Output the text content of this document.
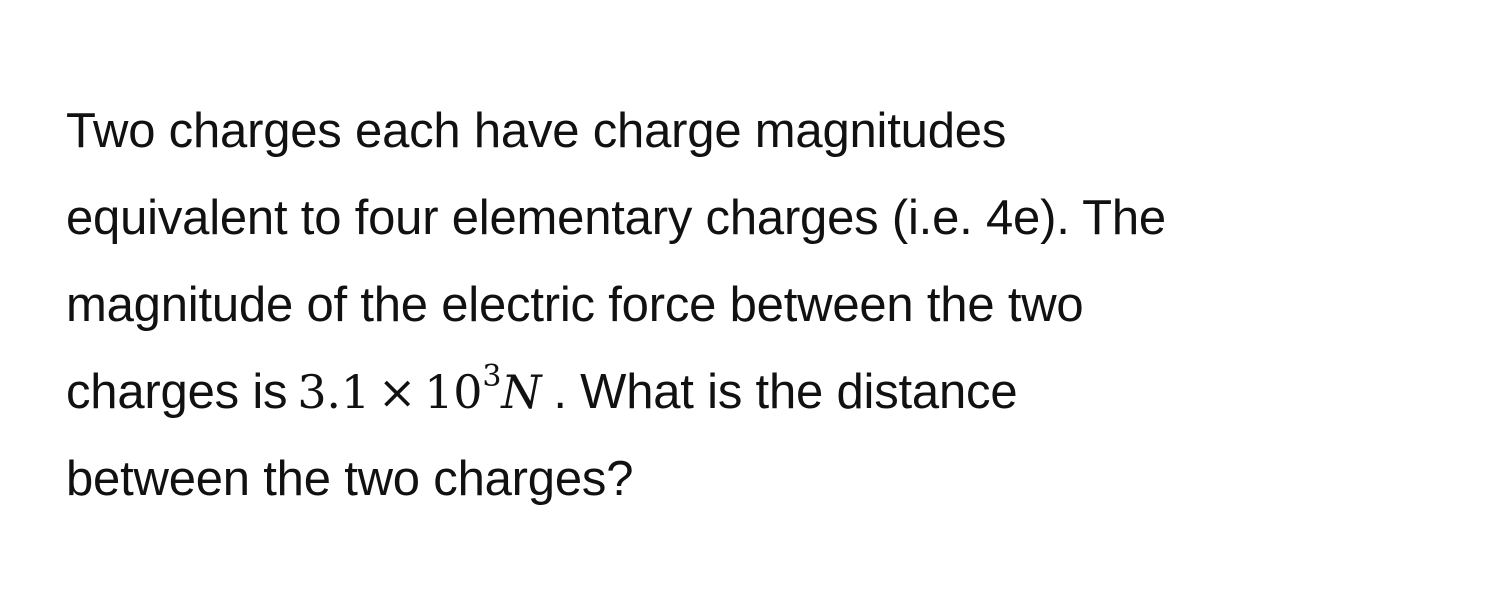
Two charges each have charge magnitudes
equivalent to four elementary charges (i.e. 4e). The
magnitude of the electric force between the two
charges is $3.1 \times 10^3N$ . What is the distance
between the two charges?
